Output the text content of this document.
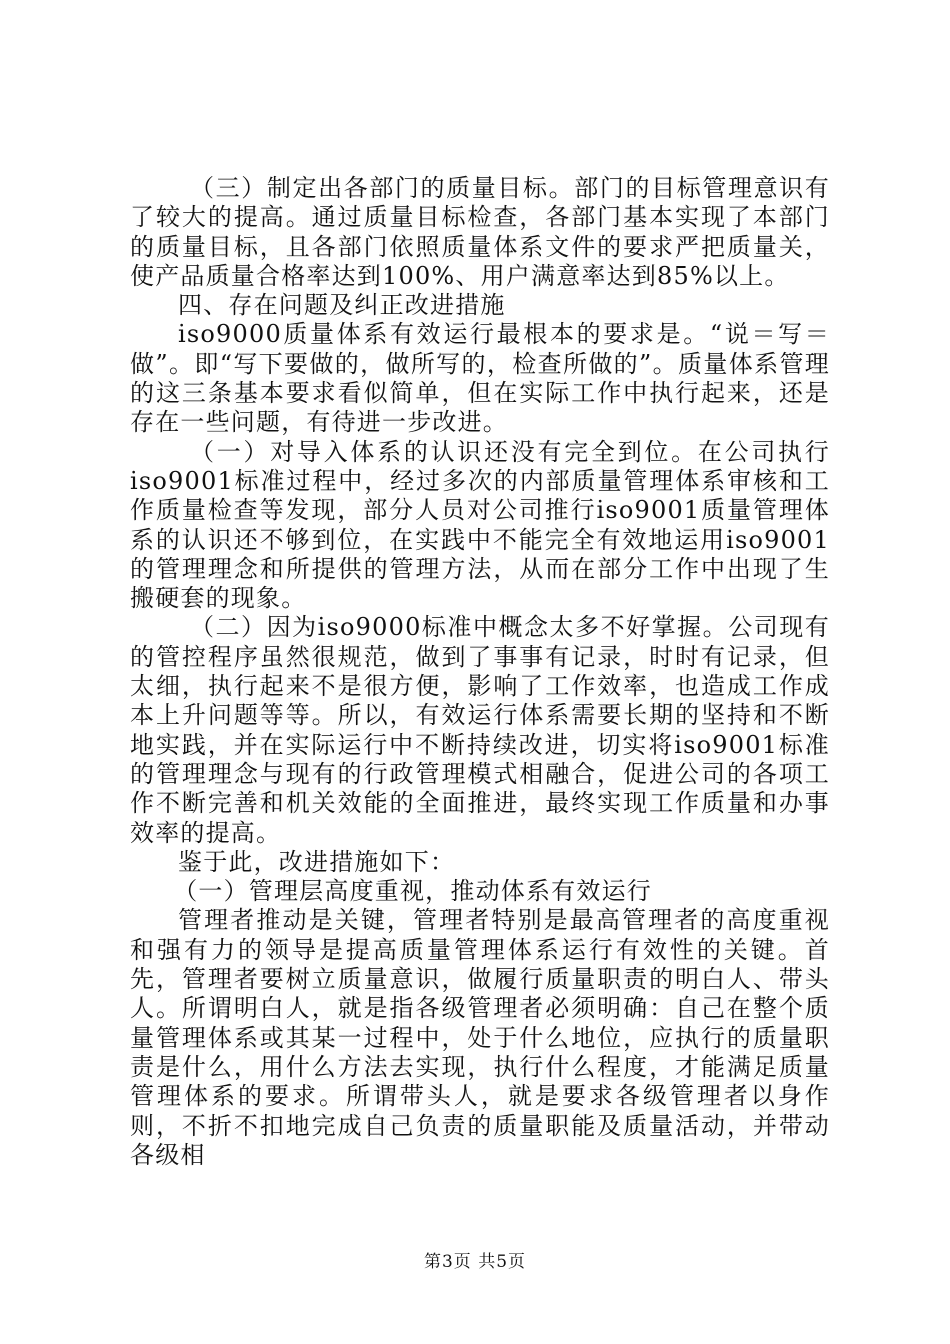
（三）制定出各部门的质量目标。部门的目标管理意识有了较大的提高。通过质量目标检查，各部门基本实现了本部门的质量目标，且各部门依照质量体系文件的要求严把质量关，使产品质量合格率达到100%、用户满意率达到85%以上。

四、存在问题及纠正改进措施

iso9000质量体系有效运行最根本的要求是。“说＝写＝做”。即“写下要做的，做所写的，检查所做的”。质量体系管理的这三条基本要求看似简单，但在实际工作中执行起来，还是存在一些问题，有待进一步改进。

（一）对导入体系的认识还没有完全到位。在公司执行iso9001标准过程中，经过多次的内部质量管理体系审核和工作质量检查等发现，部分人员对公司推行iso9001质量管理体系的认识还不够到位，在实践中不能完全有效地运用iso9001的管理理念和所提供的管理方法，从而在部分工作中出现了生搬硬套的现象。

（二）因为iso9000标准中概念太多不好掌握。公司现有的管控程序虽然很规范，做到了事事有记录，时时有记录，但太细，执行起来不是很方便，影响了工作效率，也造成工作成本上升问题等等。所以，有效运行体系需要长期的坚持和不断地实践，并在实际运行中不断持续改进，切实将iso9001标准的管理理念与现有的行政管理模式相融合，促进公司的各项工作不断完善和机关效能的全面推进，最终实现工作质量和办事效率的提高。

鉴于此，改进措施如下：

（一）管理层高度重视，推动体系有效运行

管理者推动是关键，管理者特别是最高管理者的高度重视和强有力的领导是提高质量管理体系运行有效性的关键。首先，管理者要树立质量意识，做履行质量职责的明白人、带头人。所谓明白人，就是指各级管理者必须明确：自己在整个质量管理体系或其某一过程中，处于什么地位，应执行的质量职责是什么，用什么方法去实现，执行什么程度，才能满足质量管理体系的要求。所谓带头人，就是要求各级管理者以身作则，不折不扣地完成自己负责的质量职能及质量活动，并带动各级相

第3页 共5页
